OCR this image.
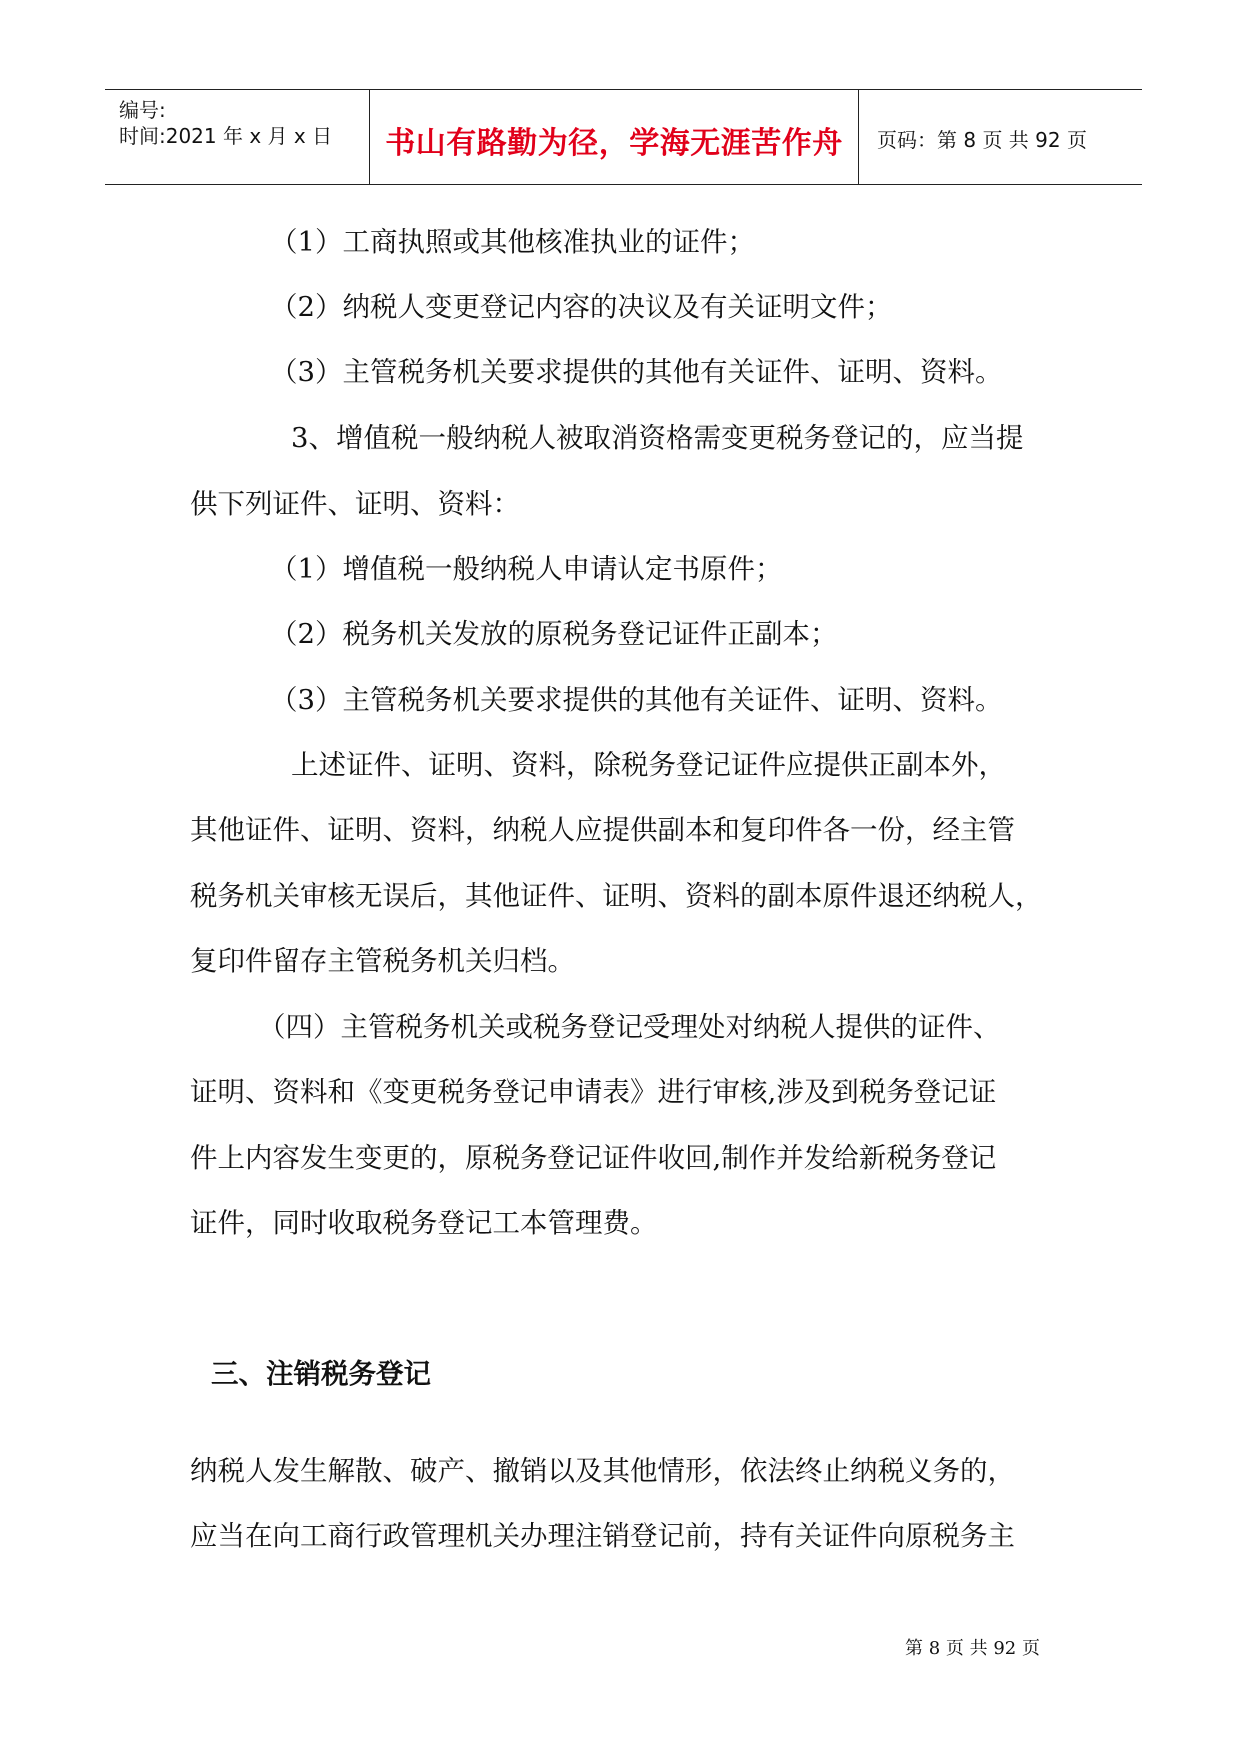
编号:
时间:2021 年 x 月 x 日	书山有路勤为径，学海无涯苦作舟	页码：第 8 页 共 92 页
（1）工商执照或其他核准执业的证件；
（2）纳税人变更登记内容的决议及有关证明文件；
（3）主管税务机关要求提供的其他有关证件、证明、资料。
3、增值税一般纳税人被取消资格需变更税务登记的，应当提
供下列证件、证明、资料：
（1）增值税一般纳税人申请认定书原件；
（2）税务机关发放的原税务登记证件正副本；
（3）主管税务机关要求提供的其他有关证件、证明、资料。
上述证件、证明、资料，除税务登记证件应提供正副本外，
其他证件、证明、资料，纳税人应提供副本和复印件各一份，经主管
税务机关审核无误后，其他证件、证明、资料的副本原件退还纳税人，
复印件留存主管税务机关归档。
（四）主管税务机关或税务登记受理处对纳税人提供的证件、
证明、资料和《变更税务登记申请表》进行审核,涉及到税务登记证
件上内容发生变更的，原税务登记证件收回,制作并发给新税务登记
证件，同时收取税务登记工本管理费。
三、注销税务登记
纳税人发生解散、破产、撤销以及其他情形，依法终止纳税义务的，
应当在向工商行政管理机关办理注销登记前，持有关证件向原税务主
第 8 页 共 92 页
